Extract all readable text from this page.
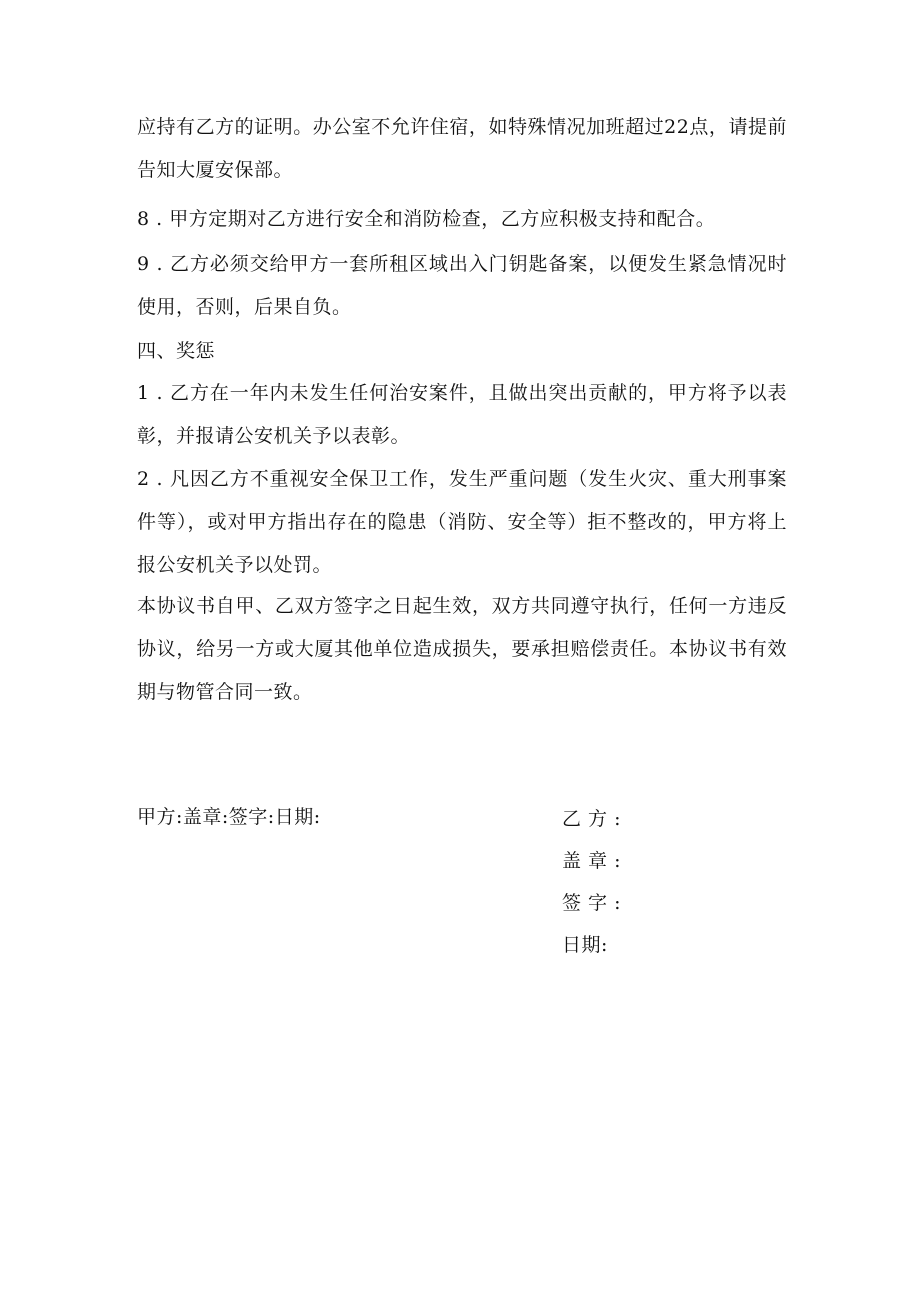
应持有乙方的证明。办公室不允许住宿，如特殊情况加班超过22点，请提前告知大厦安保部。

8 . 甲方定期对乙方进行安全和消防检查，乙方应积极支持和配合。

9 . 乙方必须交给甲方一套所租区域出入门钥匙备案，以便发生紧急情况时使用，否则，后果自负。

四、奖惩

1 . 乙方在一年内未发生任何治安案件，且做出突出贡献的，甲方将予以表彰，并报请公安机关予以表彰。

2 . 凡因乙方不重视安全保卫工作，发生严重问题（发生火灾、重大刑事案件等），或对甲方指出存在的隐患（消防、安全等）拒不整改的，甲方将上报公安机关予以处罚。

本协议书自甲、乙双方签字之日起生效，双方共同遵守执行，任何一方违反协议，给另一方或大厦其他单位造成损失，要承担赔偿责任。本协议书有效期与物管合同一致。

甲方:盖章:签字:日期:	乙 方 :
盖 章 :
签 字 :
日期:
